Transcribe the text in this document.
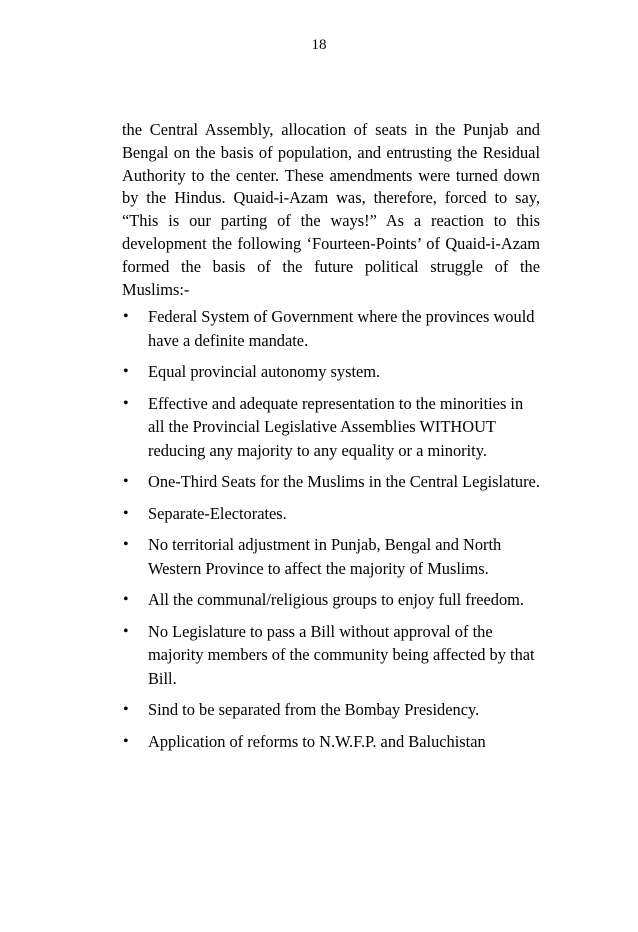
18

the Central Assembly, allocation of seats in the Punjab and Bengal on the basis of population, and entrusting the Residual Authority to the center. These amendments were turned down by the Hindus. Quaid-i-Azam was, therefore, forced to say, “This is our parting of the ways!” As a reaction to this development the following ‘Fourteen-Points’ of Quaid-i-Azam formed the basis of the future political struggle of the Muslims:-

•	Federal System of Government where the provinces would have a definite mandate.
•	Equal provincial autonomy system.
•	Effective and adequate representation to the minorities in all the Provincial Legislative Assemblies WITHOUT reducing any majority to any equality or a minority.
•	One-Third Seats for the Muslims in the Central Legislature.
•	Separate-Electorates.
•	No territorial adjustment in Punjab, Bengal and North Western Province to affect the majority of Muslims.
•	All the communal/religious groups to enjoy full freedom.
•	No Legislature to pass a Bill without approval of the majority members of the community being affected by that Bill.
•	Sind to be separated from the Bombay Presidency.
•	Application of reforms to N.W.F.P. and Baluchistan
